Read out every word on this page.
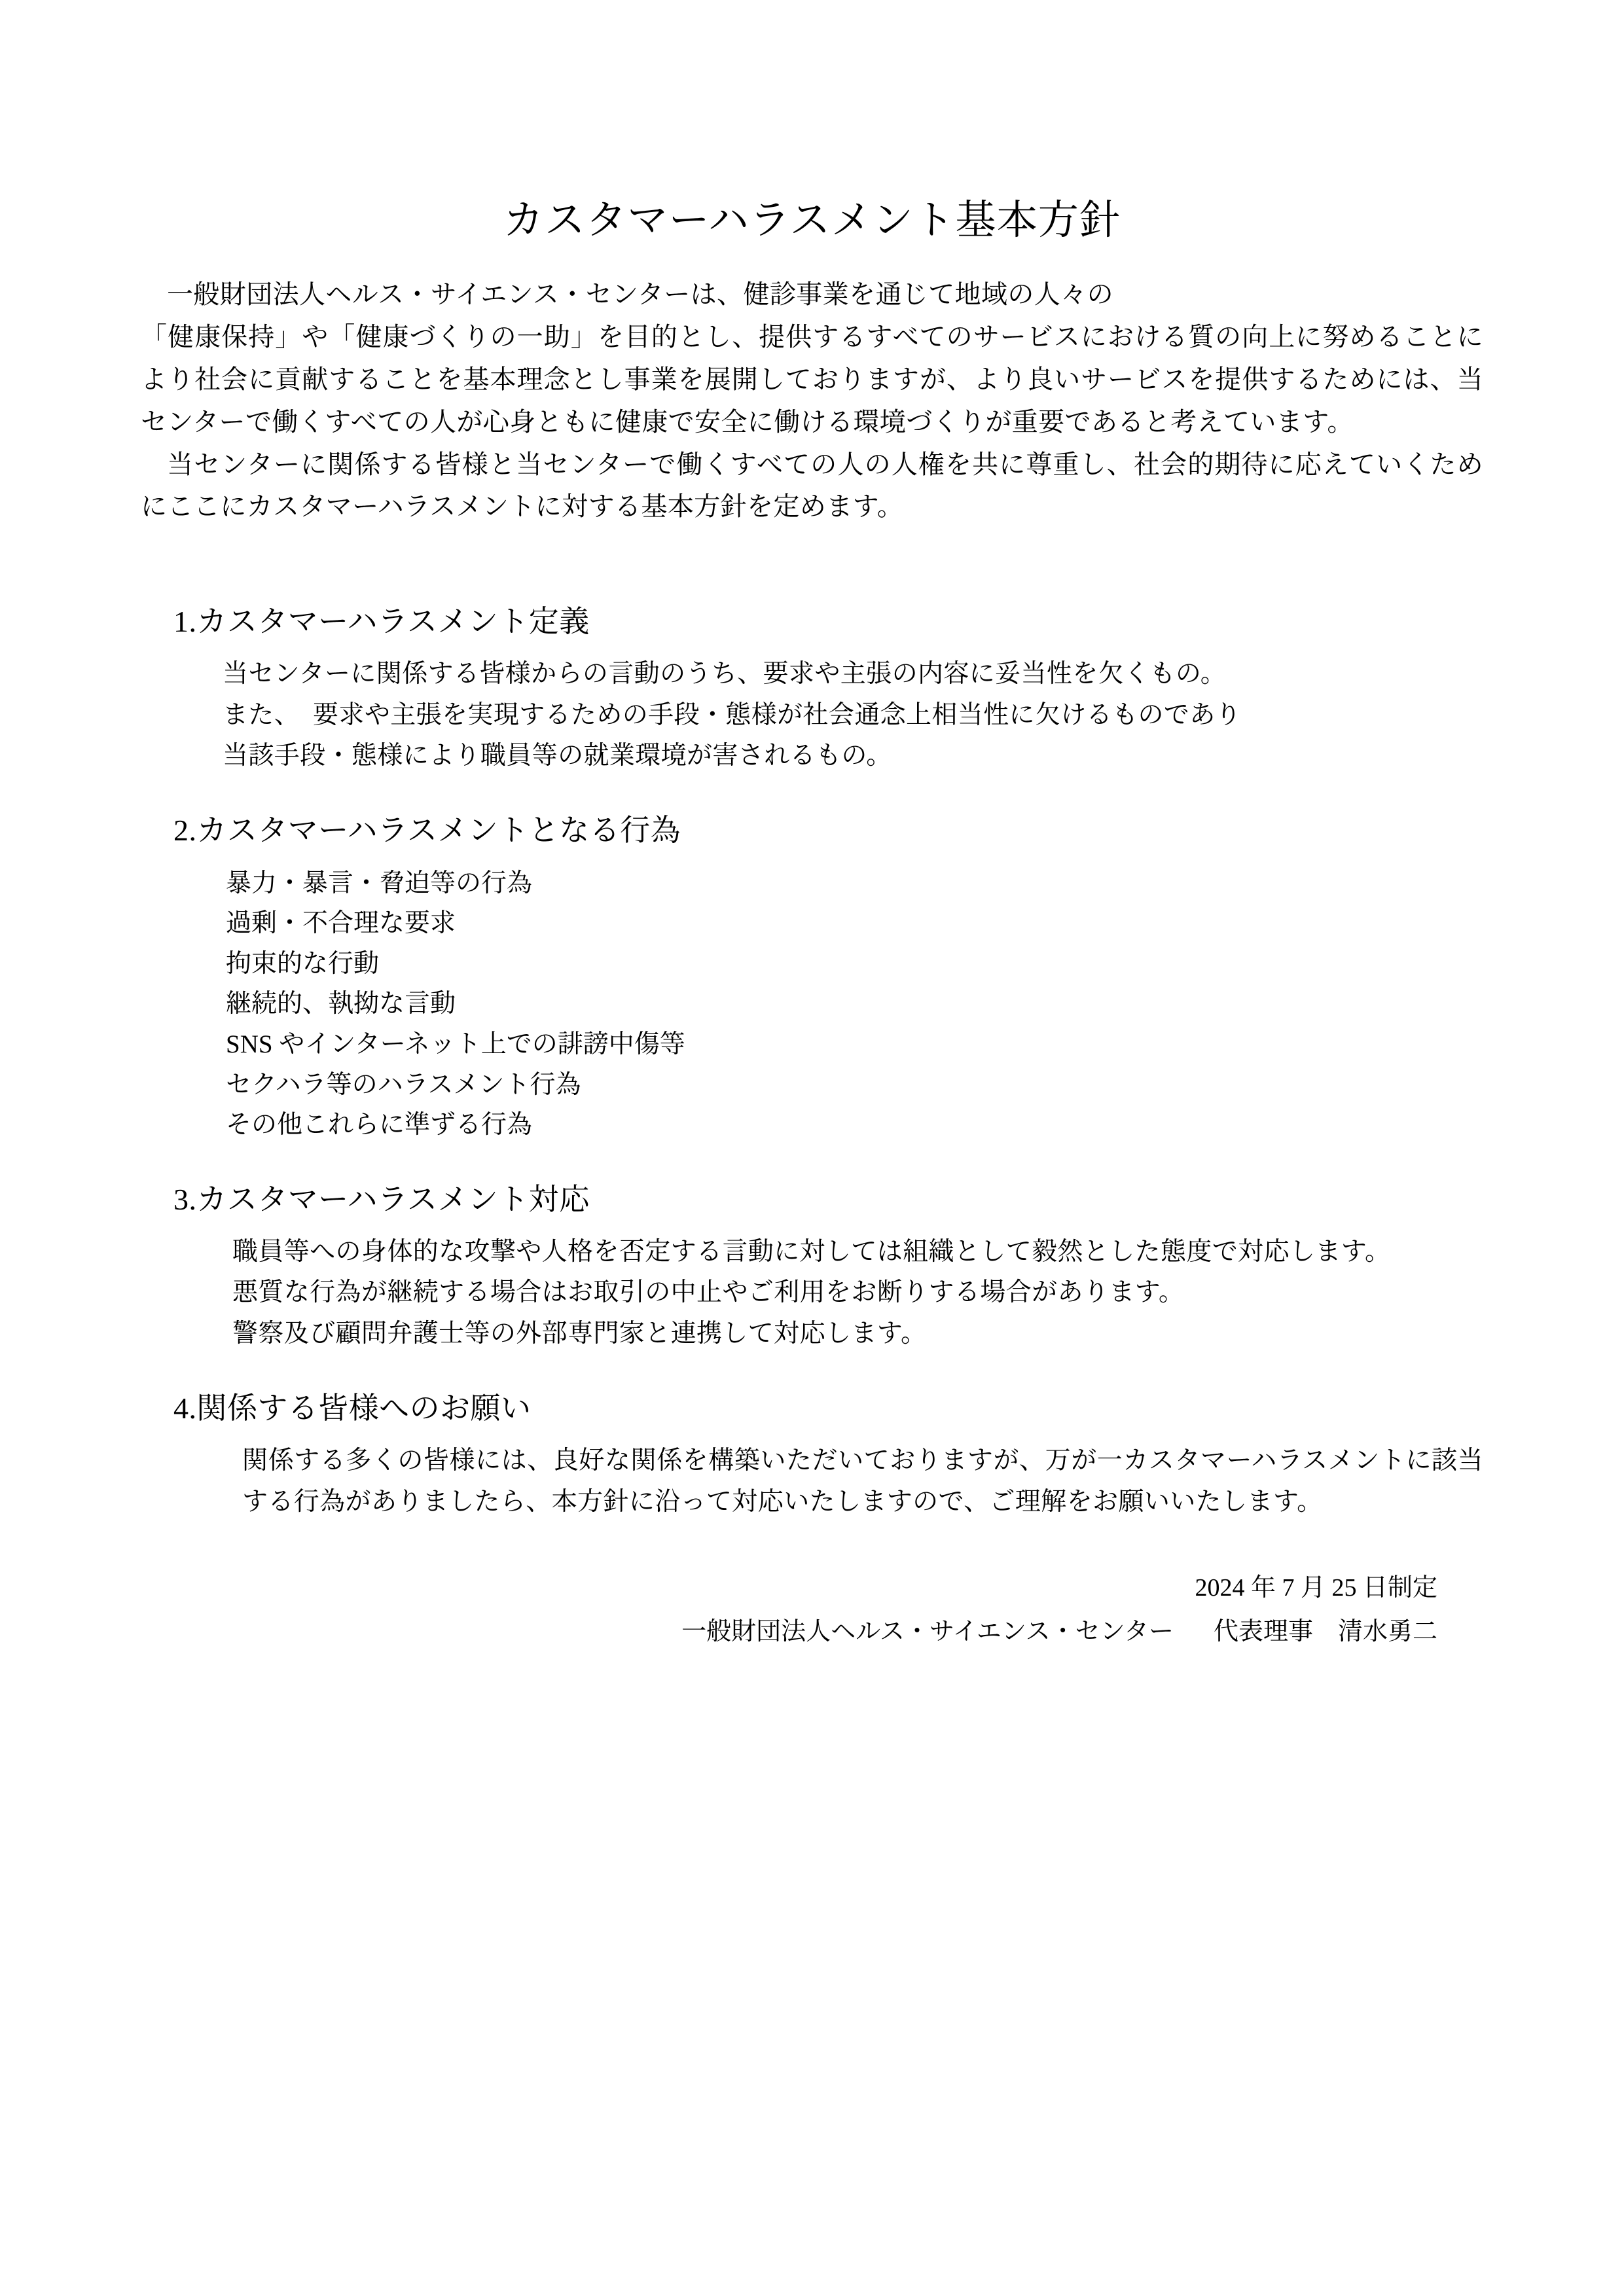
カスタマーハラスメント基本方針

一般財団法人ヘルス・サイエンス・センターは、健診事業を通じて地域の人々の

「健康保持」や「健康づくりの一助」を目的とし、提供するすべてのサービスにおける質の向上に努めることにより社会に貢献することを基本理念とし事業を展開しておりますが、より良いサービスを提供するためには、当センターで働くすべての人が心身ともに健康で安全に働ける環境づくりが重要であると考えています。

当センターに関係する皆様と当センターで働くすべての人の人権を共に尊重し、社会的期待に応えていくためにここにカスタマーハラスメントに対する基本方針を定めます。

1.カスタマーハラスメント定義

当センターに関係する皆様からの言動のうち、要求や主張の内容に妥当性を欠くもの。

また、　要求や主張を実現するための手段・態様が社会通念上相当性に欠けるものであり

当該手段・態様により職員等の就業環境が害されるもの。

2.カスタマーハラスメントとなる行為
暴力・暴言・脅迫等の行為
過剰・不合理な要求
拘束的な行動
継続的、執拗な言動
SNS やインターネット上での誹謗中傷等
セクハラ等のハラスメント行為
その他これらに準ずる行為
3.カスタマーハラスメント対応

職員等への身体的な攻撃や人格を否定する言動に対しては組織として毅然とした態度で対応します。

悪質な行為が継続する場合はお取引の中止やご利用をお断りする場合があります。

警察及び顧問弁護士等の外部専門家と連携して対応します。

4.関係する皆様へのお願い

関係する多くの皆様には、良好な関係を構築いただいておりますが、万が一カスタマーハラスメントに該当する行為がありましたら、本方針に沿って対応いたしますので、ご理解をお願いいたします。

2024 年 7 月 25 日制定

一般財団法人ヘルス・サイエンス・センター 代表理事 清水勇二
